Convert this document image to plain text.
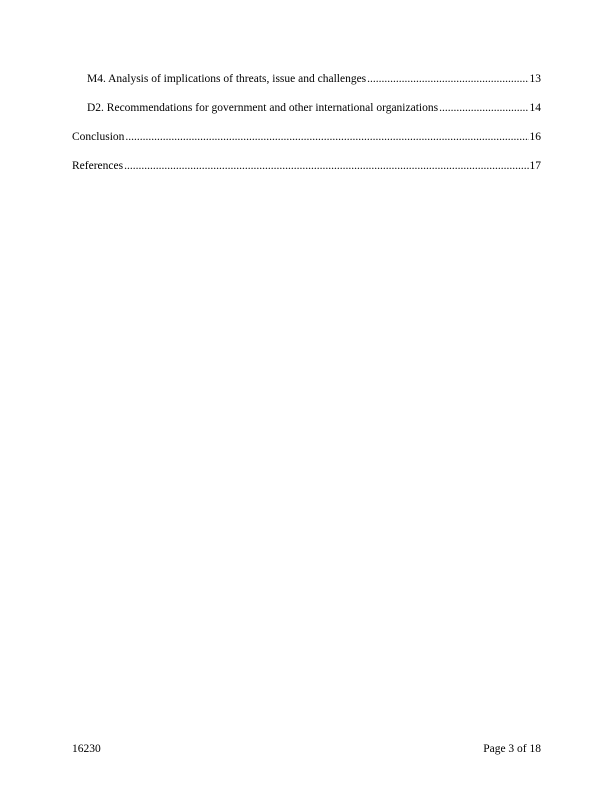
M4. Analysis of implications of threats, issue and challenges .....	13
D2. Recommendations for government and other international organizations .....	14
Conclusion .....	16
References .....	17
16230	Page 3 of 18
